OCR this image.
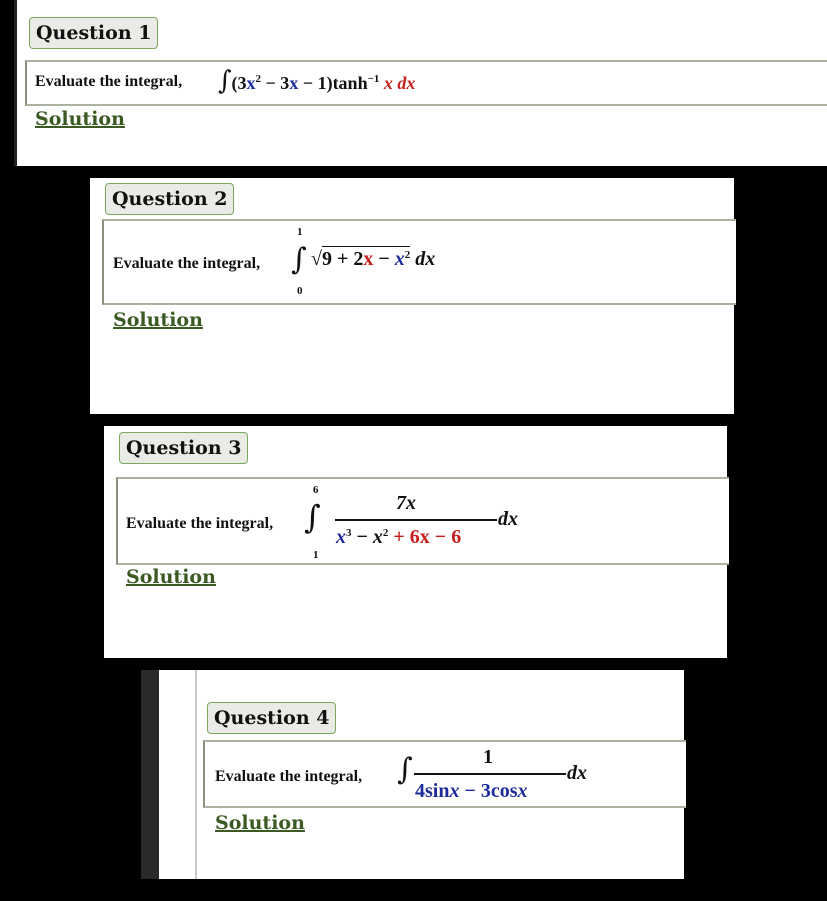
Question 1
Evaluate the integral, $\int(3x^2 - 3x - 1)\tanh^{-1}$ x dx
Solution
Question 2
Evaluate the integral,
1
∫
0
$√9 + 2x - x^2$ dx
Solution
Question 3
Evaluate the integral,
6
∫
1
7x
$x^3 - x^2 + 6x - 6$
dx
Solution
Question 4
Evaluate the integral, ∫	1
4sinx − 3cosx
dx
Solution
